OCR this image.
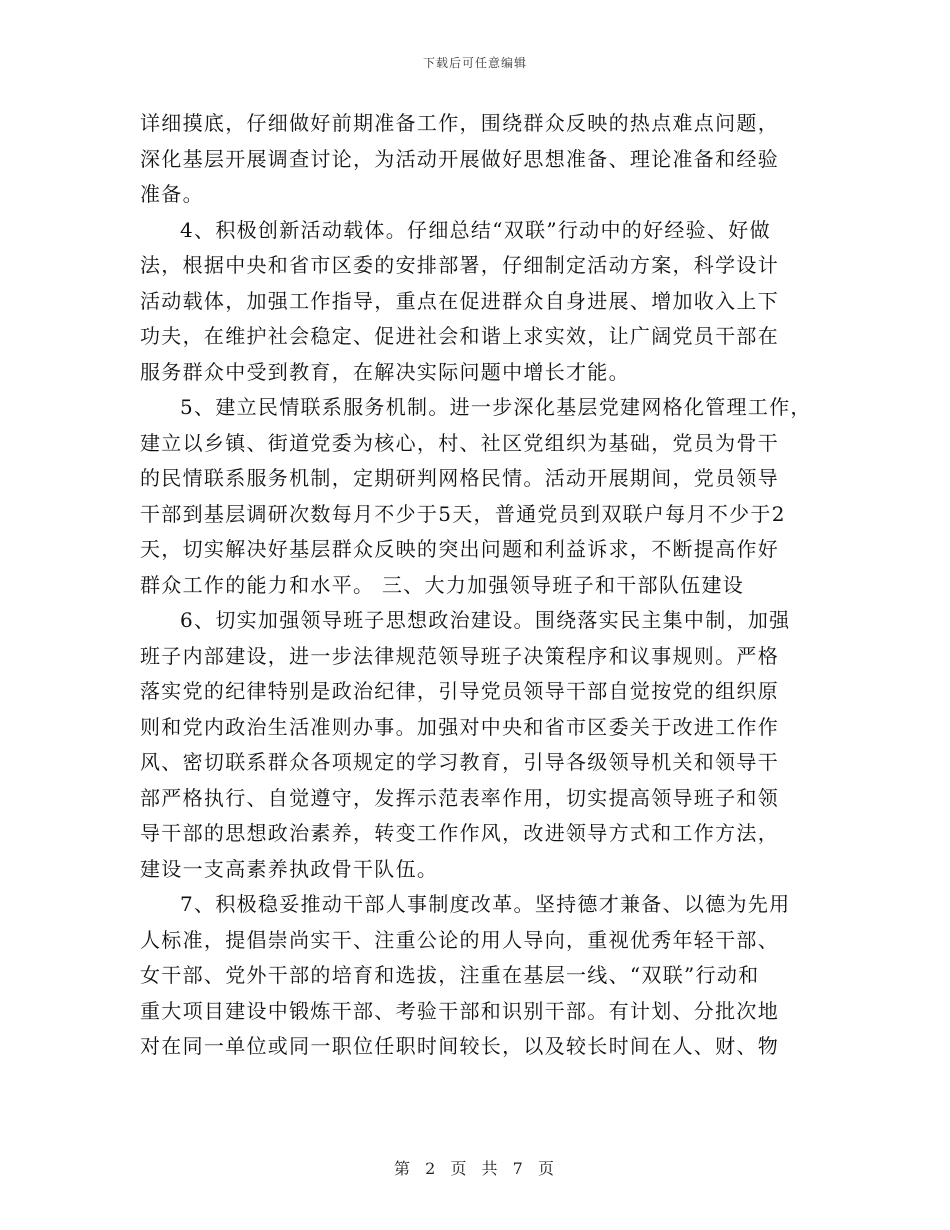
下载后可任意编辑

详细摸底，仔细做好前期准备工作，围绕群众反映的热点难点问题，
深化基层开展调查讨论，为活动开展做好思想准备、理论准备和经验
准备。

4、积极创新活动载体。仔细总结“双联”行动中的好经验、好做
法，根据中央和省市区委的安排部署，仔细制定活动方案，科学设计
活动载体，加强工作指导，重点在促进群众自身进展、增加收入上下
功夫，在维护社会稳定、促进社会和谐上求实效，让广阔党员干部在
服务群众中受到教育，在解决实际问题中增长才能。

5、建立民情联系服务机制。进一步深化基层党建网格化管理工作，
建立以乡镇、街道党委为核心，村、社区党组织为基础，党员为骨干
的民情联系服务机制，定期研判网格民情。活动开展期间，党员领导
干部到基层调研次数每月不少于5天，普通党员到双联户每月不少于2
天，切实解决好基层群众反映的突出问题和利益诉求，不断提高作好
群众工作的能力和水平。 三、大力加强领导班子和干部队伍建设

6、切实加强领导班子思想政治建设。围绕落实民主集中制，加强
班子内部建设，进一步法律规范领导班子决策程序和议事规则。严格
落实党的纪律特别是政治纪律，引导党员领导干部自觉按党的组织原
则和党内政治生活准则办事。加强对中央和省市区委关于改进工作作
风、密切联系群众各项规定的学习教育，引导各级领导机关和领导干
部严格执行、自觉遵守，发挥示范表率作用，切实提高领导班子和领
导干部的思想政治素养，转变工作作风，改进领导方式和工作方法，
建设一支高素养执政骨干队伍。

7、积极稳妥推动干部人事制度改革。坚持德才兼备、以德为先用
人标准，提倡崇尚实干、注重公论的用人导向，重视优秀年轻干部、
女干部、党外干部的培育和选拔，注重在基层一线、“双联”行动和
重大项目建设中锻炼干部、考验干部和识别干部。有计划、分批次地
对在同一单位或同一职位任职时间较长，以及较长时间在人、财、物

第 2 页 共 7 页
